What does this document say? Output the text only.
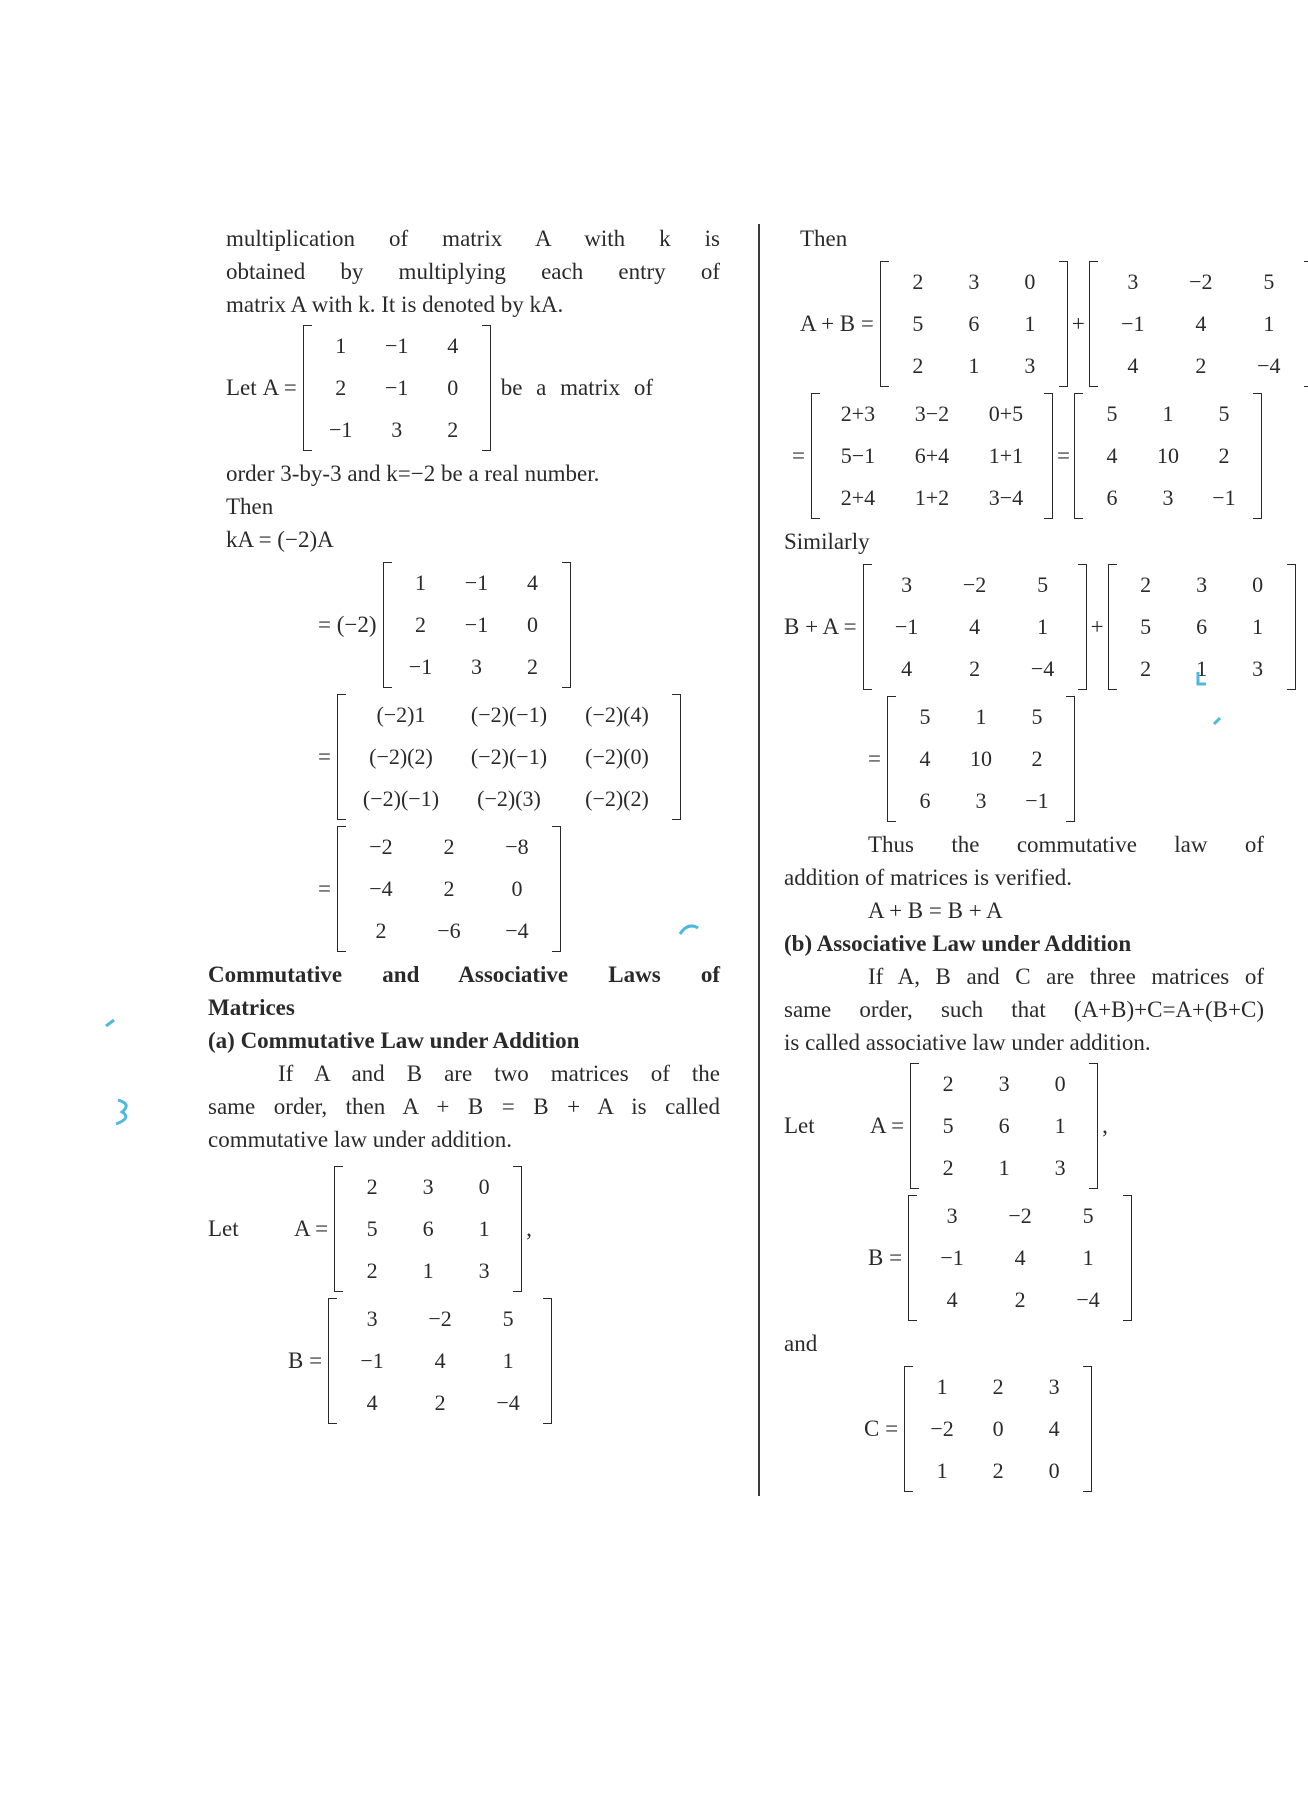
multiplication of matrix A with k is
obtained by multiplying each entry of
matrix A with k. It is denoted by kA.

Let A =
1	−1	4
2	−1	0
−1	3	2
be a matrix of
order 3-by-3 and k=−2 be a real number.
Then
kA = (−2)A
= (−2)
1	−1	4
2	−1	0
−1	3	2
=
(−2)1	(−2)(−1)	(−2)(4)
(−2)(2)	(−2)(−1)	(−2)(0)
(−2)(−1)	(−2)(3)	(−2)(2)
=
−2	2	−8
−4	2	0
2	−6	−4
Commutative and Associative Laws of
Matrices
(a) Commutative Law under Addition

If A and B are two matrices of the
same order, then A + B = B + A is called
commutative law under addition.

Let	A =
2	3	0
5	6	1
2	1	3
,
B =
3	−2	5
−1	4	1
4	2	−4
Then
A + B =
2	3	0
5	6	1
2	1	3
+
3	−2	5
−1	4	1
4	2	−4
=
2+3	3−2	0+5
5−1	6+4	1+1
2+4	1+2	3−4
=
5	1	5
4	10	2
6	3	−1
Similarly
B + A =
3	−2	5
−1	4	1
4	2	−4
+
2	3	0
5	6	1
2	1	3
=
5	1	5
4	10	2
6	3	−1

Thus the commutative law of
addition of matrices is verified.

A + B = B + A
(b) Associative Law under Addition

If A, B and C are three matrices of
same order, such that (A+B)+C=A+(B+C)
is called associative law under addition.

Let	A =
2	3	0
5	6	1
2	1	3
,
B =
3	−2	5
−1	4	1
4	2	−4
and
C =
1	2	3
−2	0	4
1	2	0
